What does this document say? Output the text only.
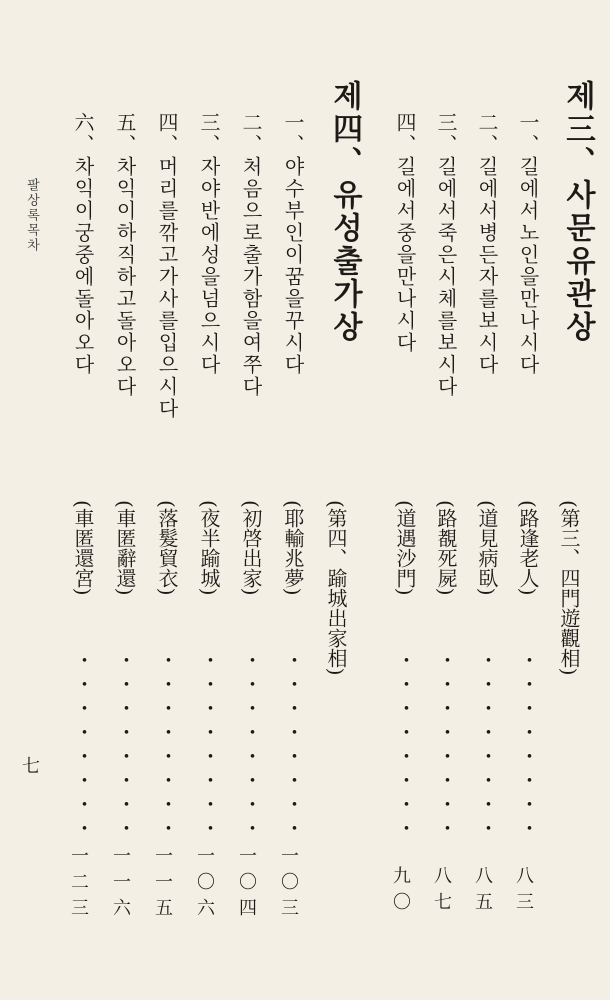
제三、사문유관상
(第三、四門遊觀相)
一、길에서노인을만나시다
(路逢老人)
・・・・・・・・
八三
二、길에서병든자를보시다
(道見病臥)
・・・・・・・・
八五
三、길에서죽은시체를보시다
(路覩死屍)
・・・・・・・・
八七
四、길에서중을만나시다
(道遇沙門)
・・・・・・・・
九〇
제四、유성출가상
(第四、踰城出家相)
一、야수부인이꿈을꾸시다
(耶輸兆夢)
・・・・・・・・
一〇三
二、처음으로출가함을여쭈다
(初啓出家)
・・・・・・・・
一〇四
三、자야반에성을넘으시다
(夜半踰城)
・・・・・・・・
一〇六
四、머리를깎고가사를입으시다
(落髮貿衣)
・・・・・・・・
一一五
五、차익이하직하고돌아오다
(車匿辭還)
・・・・・・・・
一一六
六、차익이궁중에돌아오다
(車匿還宮)
・・・・・・・・
一二三
팔상록목차
七
